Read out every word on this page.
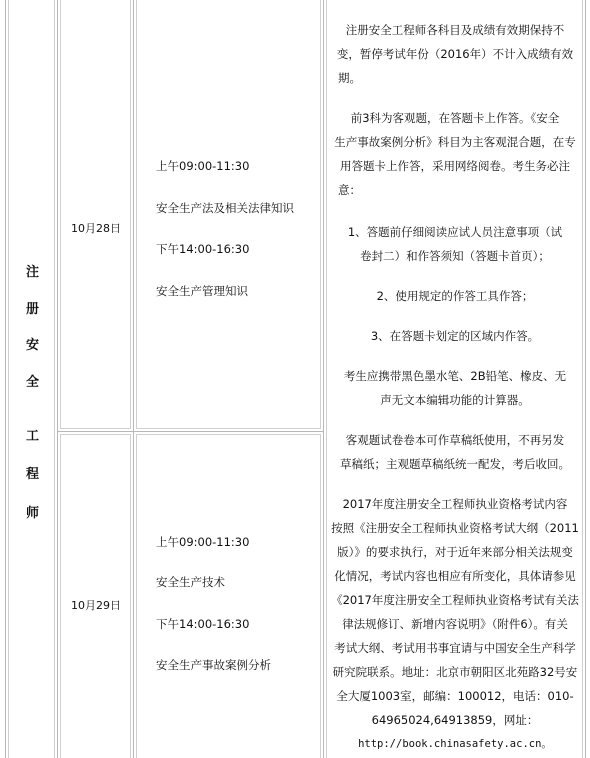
注
册
安
全
工
程
师
10月28日
10月29日
上午09:00-11:30
安全生产法及相关法律知识
下午14:00-16:30
安全生产管理知识
上午09:00-11:30
安全生产技术
下午14:00-16:30
安全生产事故案例分析
注册安全工程师各科目及成绩有效期保持不
变，暂停考试年份（2016年）不计入成绩有效
期。
前3科为客观题，在答题卡上作答。《安全
生产事故案例分析》科目为主客观混合题，在专
用答题卡上作答，采用网络阅卷。考生务必注
意：
1、答题前仔细阅读应试人员注意事项（试
卷封二）和作答须知（答题卡首页）；
2、使用规定的作答工具作答；
3、在答题卡划定的区域内作答。
考生应携带黑色墨水笔、2B铅笔、橡皮、无
声无文本编辑功能的计算器。
客观题试卷卷本可作草稿纸使用，不再另发
草稿纸；主观题草稿纸统一配发，考后收回。
2017年度注册安全工程师执业资格考试内容
按照《注册安全工程师执业资格考试大纲（2011
版）》的要求执行，对于近年来部分相关法规变
化情况，考试内容也相应有所变化，具体请参见
《2017年度注册安全工程师执业资格考试有关法
律法规修订、新增内容说明》（附件6）。有关
考试大纲、考试用书事宜请与中国安全生产科学
研究院联系。地址：北京市朝阳区北苑路32号安
全大厦1003室，邮编：100012，电话：010-
64965024,64913859，网址：
http://book.chinasafety.ac.cn。
